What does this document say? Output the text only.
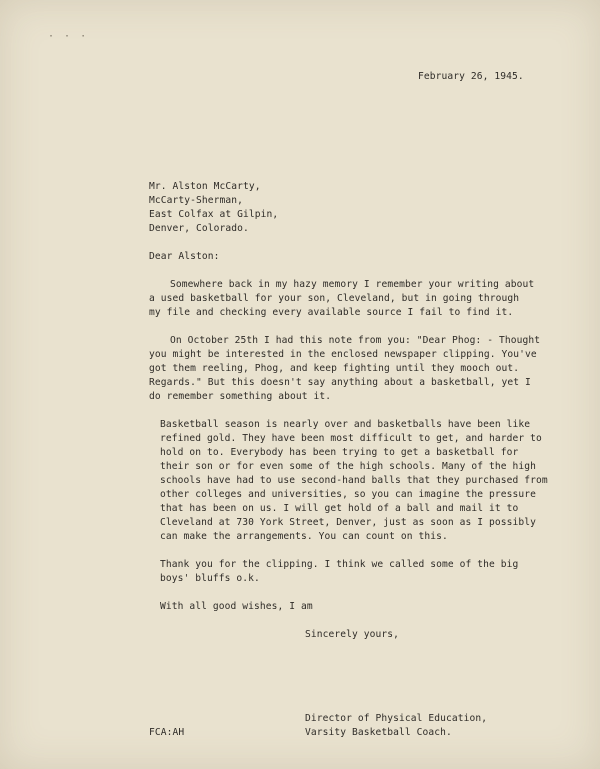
· · ·

February 26, 1945.

Mr. Alston McCarty,

McCarty-Sherman,

East Colfax at Gilpin,

Denver, Colorado.

Dear Alston:

Somewhere back in my hazy memory I remember your writing about

a used basketball for your son, Cleveland, but in going through

my file and checking every available source I fail to find it.

On October 25th I had this note from you: "Dear Phog: - Thought

you might be interested in the enclosed newspaper clipping. You've

got them reeling, Phog, and keep fighting until they mooch out.

Regards." But this doesn't say anything about a basketball, yet I

do remember something about it.

Basketball season is nearly over and basketballs have been like

refined gold. They have been most difficult to get, and harder to

hold on to. Everybody has been trying to get a basketball for

their son or for even some of the high schools. Many of the high

schools have had to use second-hand balls that they purchased from

other colleges and universities, so you can imagine the pressure

that has been on us. I will get hold of a ball and mail it to

Cleveland at 730 York Street, Denver, just as soon as I possibly

can make the arrangements. You can count on this.

Thank you for the clipping. I think we called some of the big

boys' bluffs o.k.

With all good wishes, I am

Sincerely yours,

Director of Physical Education,

Varsity Basketball Coach.

FCA:AH
